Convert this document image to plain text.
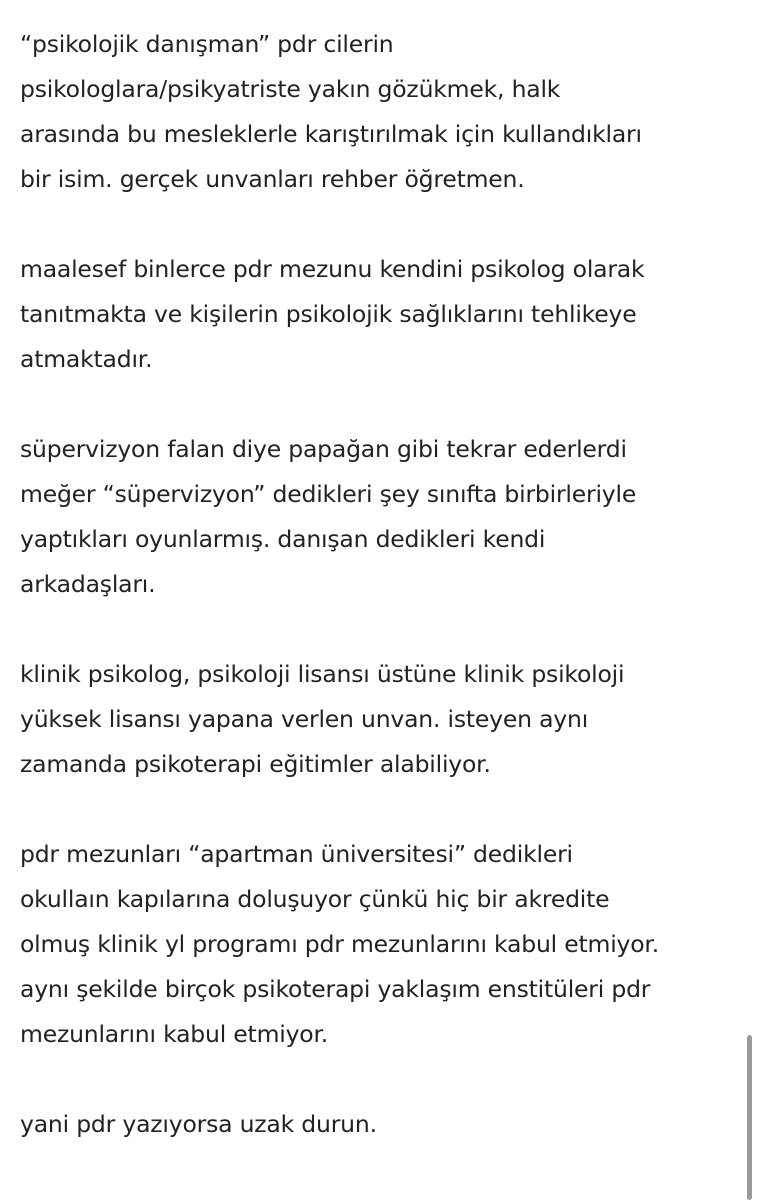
“psikolojik danışman” pdr cilerin
psikologlara/psikyatriste yakın gözükmek, halk
arasında bu mesleklerle karıştırılmak için kullandıkları
bir isim. gerçek unvanları rehber öğretmen.

maalesef binlerce pdr mezunu kendini psikolog olarak
tanıtmakta ve kişilerin psikolojik sağlıklarını tehlikeye
atmaktadır.

süpervizyon falan diye papağan gibi tekrar ederlerdi
meğer “süpervizyon” dedikleri şey sınıfta birbirleriyle
yaptıkları oyunlarmış. danışan dedikleri kendi
arkadaşları.

klinik psikolog, psikoloji lisansı üstüne klinik psikoloji
yüksek lisansı yapana verlen unvan. isteyen aynı
zamanda psikoterapi eğitimler alabiliyor.

pdr mezunları “apartman üniversitesi” dedikleri
okullaın kapılarına doluşuyor çünkü hiç bir akredite
olmuş klinik yl programı pdr mezunlarını kabul etmiyor.
aynı şekilde birçok psikoterapi yaklaşım enstitüleri pdr
mezunlarını kabul etmiyor.

yani pdr yazıyorsa uzak durun.
